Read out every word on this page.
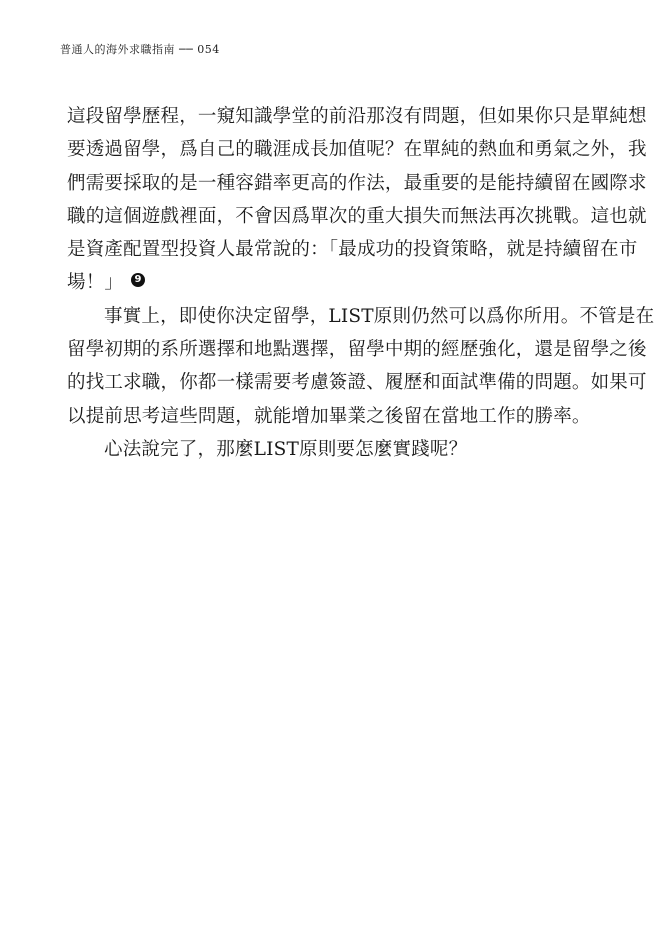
普通人的海外求職指南 ── 054
這段留學歷程，一窺知識學堂的前沿那沒有問題，但如果你只是單純想
要透過留學，爲自己的職涯成長加值呢？在單純的熱血和勇氣之外，我
們需要採取的是一種容錯率更高的作法，最重要的是能持續留在國際求
職的這個遊戲裡面，不會因爲單次的重大損失而無法再次挑戰。這也就
是資產配置型投資人最常說的：「最成功的投資策略，就是持續留在市
場！」 9
事實上，即使你決定留學，LIST原則仍然可以爲你所用。不管是在
留學初期的系所選擇和地點選擇，留學中期的經歷強化，還是留學之後
的找工求職，你都一樣需要考慮簽證、履歷和面試準備的問題。如果可
以提前思考這些問題，就能增加畢業之後留在當地工作的勝率。
心法說完了，那麼LIST原則要怎麼實踐呢？
